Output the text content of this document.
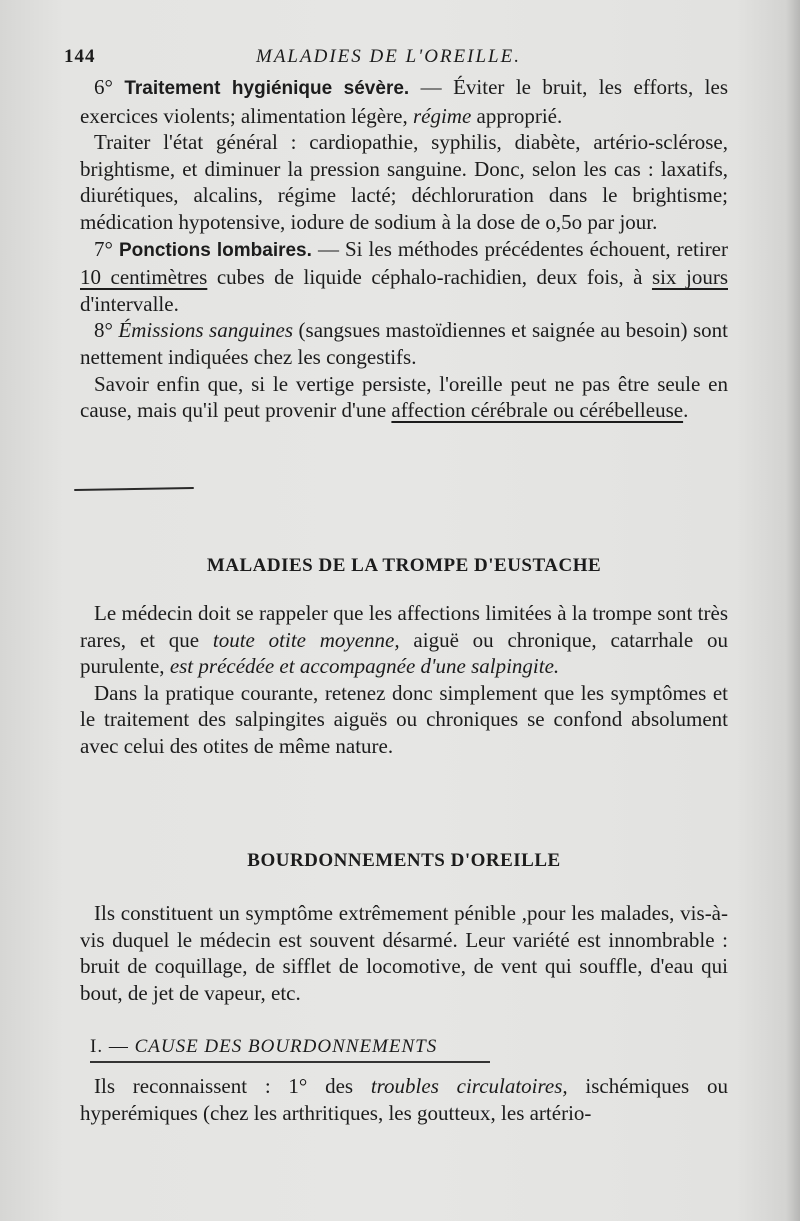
144	MALADIES DE L'OREILLE.

6° Traitement hygiénique sévère. — Éviter le bruit, les efforts, les exercices violents; alimentation légère, régime approprié.

Traiter l'état général : cardiopathie, syphilis, diabète, artério-sclérose, brightisme, et diminuer la pression sanguine. Donc, selon les cas : laxatifs, diurétiques, alcalins, régime lacté; déchloruration dans le brightisme; médication hypotensive, iodure de sodium à la dose de o,5o par jour.

7° Ponctions lombaires. — Si les méthodes précédentes échouent, retirer 10 centimètres cubes de liquide céphalo-rachidien, deux fois, à six jours d'intervalle.

8° Émissions sanguines (sangsues mastoïdiennes et saignée au besoin) sont nettement indiquées chez les congestifs.

Savoir enfin que, si le vertige persiste, l'oreille peut ne pas être seule en cause, mais qu'il peut provenir d'une affection cérébrale ou cérébelleuse.

MALADIES DE LA TROMPE D'EUSTACHE

Le médecin doit se rappeler que les affections limitées à la trompe sont très rares, et que toute otite moyenne, aiguë ou chronique, catarrhale ou purulente, est précédée et accompagnée d'une salpingite.

Dans la pratique courante, retenez donc simplement que les symptômes et le traitement des salpingites aiguës ou chroniques se confond absolument avec celui des otites de même nature.

BOURDONNEMENTS D'OREILLE

Ils constituent un symptôme extrêmement pénible ,pour les malades, vis-à-vis duquel le médecin est souvent désarmé. Leur variété est innombrable : bruit de coquillage, de sifflet de locomotive, de vent qui souffle, d'eau qui bout, de jet de vapeur, etc.

I. — CAUSE DES BOURDONNEMENTS

Ils reconnaissent : 1° des troubles circulatoires, ischémiques ou hyperémiques (chez les arthritiques, les goutteux, les artério-
